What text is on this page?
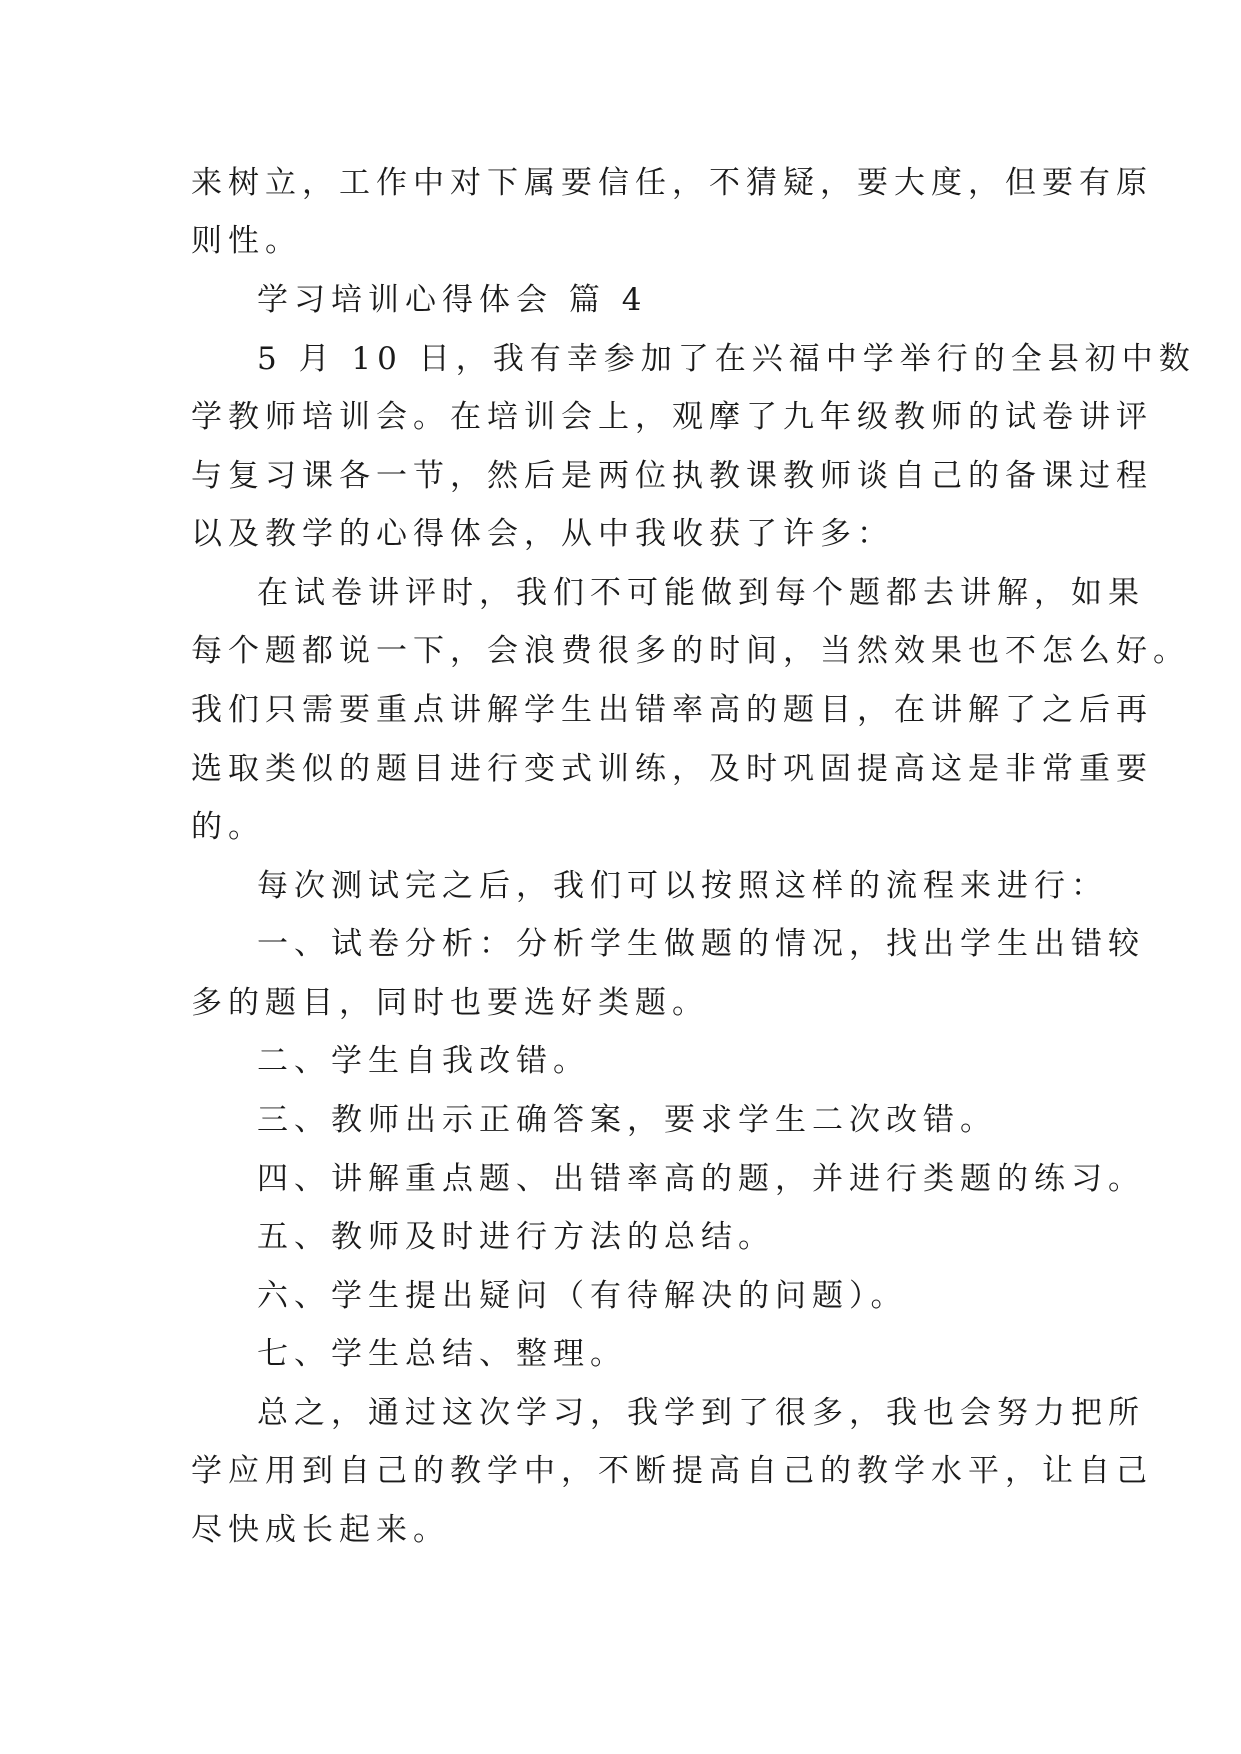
来树立，工作中对下属要信任，不猜疑，要大度，但要有原
则性。
学习培训心得体会 篇 4
5 月 10 日，我有幸参加了在兴福中学举行的全县初中数
学教师培训会。在培训会上，观摩了九年级教师的试卷讲评
与复习课各一节，然后是两位执教课教师谈自己的备课过程
以及教学的心得体会，从中我收获了许多：
在试卷讲评时，我们不可能做到每个题都去讲解，如果
每个题都说一下，会浪费很多的时间，当然效果也不怎么好。
我们只需要重点讲解学生出错率高的题目，在讲解了之后再
选取类似的题目进行变式训练，及时巩固提高这是非常重要
的。
每次测试完之后，我们可以按照这样的流程来进行：
一、试卷分析：分析学生做题的情况，找出学生出错较
多的题目，同时也要选好类题。
二、学生自我改错。
三、教师出示正确答案，要求学生二次改错。
四、讲解重点题、出错率高的题，并进行类题的练习。
五、教师及时进行方法的总结。
六、学生提出疑问（有待解决的问题）。
七、学生总结、整理。
总之，通过这次学习，我学到了很多，我也会努力把所
学应用到自己的教学中，不断提高自己的教学水平，让自己
尽快成长起来。
